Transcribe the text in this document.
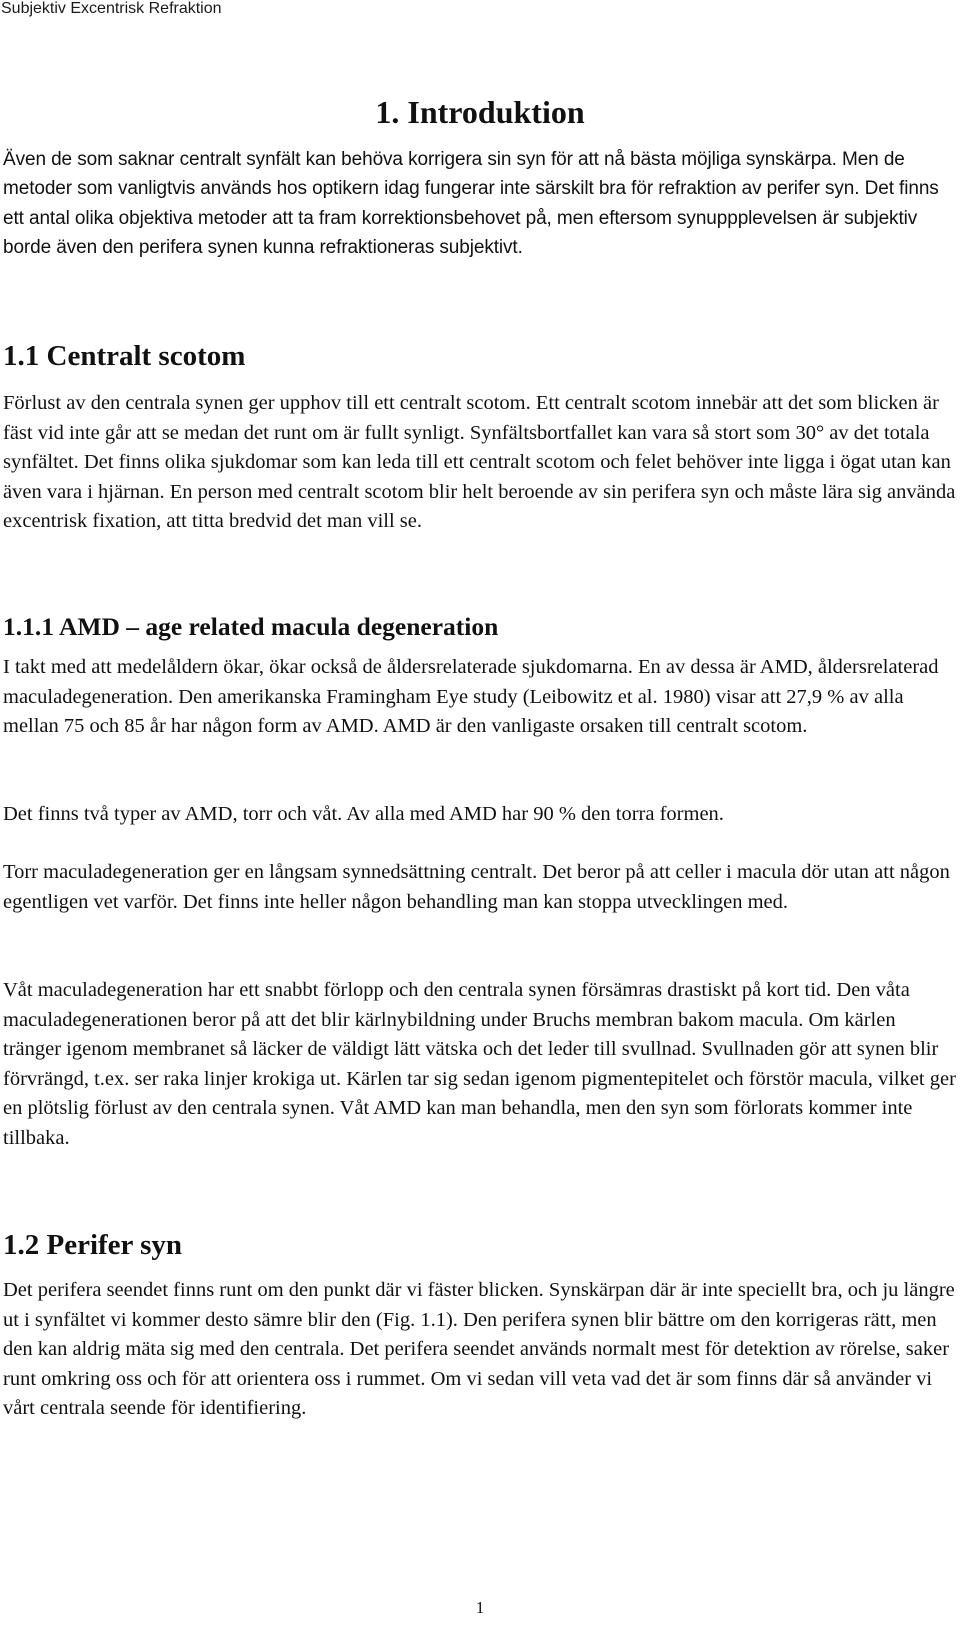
Subjektiv Excentrisk Refraktion
1. Introduktion

Även de som saknar centralt synfält kan behöva korrigera sin syn för att nå bästa möjliga synskärpa. Men de metoder som vanligtvis används hos optikern idag fungerar inte särskilt bra för refraktion av perifer syn. Det finns ett antal olika objektiva metoder att ta fram korrektionsbehovet på, men eftersom synuppplevelsen är subjektiv borde även den perifera synen kunna refraktioneras subjektivt.

1.1 Centralt scotom

Förlust av den centrala synen ger upphov till ett centralt scotom. Ett centralt scotom innebär att det som blicken är fäst vid inte går att se medan det runt om är fullt synligt. Synfältsbortfallet kan vara så stort som 30° av det totala synfältet. Det finns olika sjukdomar som kan leda till ett centralt scotom och felet behöver inte ligga i ögat utan kan även vara i hjärnan. En person med centralt scotom blir helt beroende av sin perifera syn och måste lära sig använda excentrisk fixation, att titta bredvid det man vill se.

1.1.1 AMD – age related macula degeneration

I takt med att medelåldern ökar, ökar också de åldersrelaterade sjukdomarna. En av dessa är AMD, åldersrelaterad maculadegeneration. Den amerikanska Framingham Eye study (Leibowitz et al. 1980) visar att 27,9 % av alla mellan 75 och 85 år har någon form av AMD. AMD är den vanligaste orsaken till centralt scotom.

Det finns två typer av AMD, torr och våt. Av alla med AMD har 90 % den torra formen.

Torr maculadegeneration ger en långsam synnedsättning centralt. Det beror på att celler i macula dör utan att någon egentligen vet varför. Det finns inte heller någon behandling man kan stoppa utvecklingen med.

Våt maculadegeneration har ett snabbt förlopp och den centrala synen försämras drastiskt på kort tid. Den våta maculadegenerationen beror på att det blir kärlnybildning under Bruchs membran bakom macula. Om kärlen tränger igenom membranet så läcker de väldigt lätt vätska och det leder till svullnad. Svullnaden gör att synen blir förvrängd, t.ex. ser raka linjer krokiga ut. Kärlen tar sig sedan igenom pigmentepitelet och förstör macula, vilket ger en plötslig förlust av den centrala synen. Våt AMD kan man behandla, men den syn som förlorats kommer inte tillbaka.

1.2 Perifer syn

Det perifera seendet finns runt om den punkt där vi fäster blicken. Synskärpan där är inte speciellt bra, och ju längre ut i synfältet vi kommer desto sämre blir den (Fig. 1.1). Den perifera synen blir bättre om den korrigeras rätt, men den kan aldrig mäta sig med den centrala. Det perifera seendet används normalt mest för detektion av rörelse, saker runt omkring oss och för att orientera oss i rummet. Om vi sedan vill veta vad det är som finns där så använder vi vårt centrala seende för identifiering.

1
